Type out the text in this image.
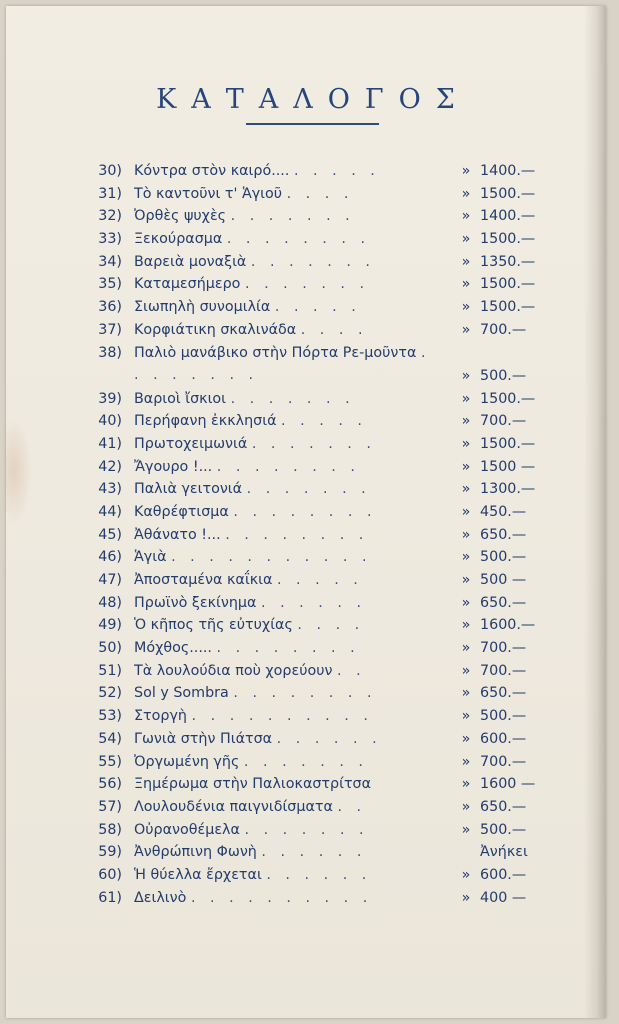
ΚΑΤΑΛΟΓΟΣ
30) Κόντρα στὸν καιρό.... . . . . .	» 1400.—
31) Τὸ καντοῦνι τ' Ἁγιοῦ . . . .	» 1500.—
32) Ὀρθὲς ψυχὲς . . . . . . .	» 1400.—
33) Ξεκούρασμα . . . . . . . .	» 1500.—
34) Βαρειὰ μοναξιὰ . . . . . . .	» 1350.—
35) Καταμεσήμερο . . . . . . .	» 1500.—
36) Σιωπηλὴ συνομιλία . . . . .	» 1500.—
37) Κορφιάτικη σκαλινάδα . . . .	» 700.—
38) Παλιὸ μανάβικο στὴν Πόρτα Ρε-μοῦντα . . . . . . . .	» 500.—
39) Βαριοὶ ἴσκιοι . . . . . . .	» 1500.—
40) Περήφανη ἐκκλησιά . . . . .	» 700.—
41) Πρωτοχειμωνιά . . . . . . .	» 1500.—
42) Ἄγουρο !... . . . . . . . .	» 1500 —
43) Παλιὰ γειτονιά . . . . . . .	» 1300.—
44) Καθρέφτισμα . . . . . . . .	» 450.—
45) Ἀθάνατο !... . . . . . . . .	» 650.—
46) Ἁγιὰ . . . . . . . . . . .	» 500.—
47) Ἀποσταμένα καΐκια . . . . .	» 500 —
48) Πρωϊνὸ ξεκίνημα . . . . . .	» 650.—
49) Ὁ κῆπος τῆς εὐτυχίας . . . .	» 1600.—
50) Μόχθος..... . . . . . . . .	» 700.—
51) Τὰ λουλούδια ποὺ χορεύουν . .	» 700.—
52) Sol y Sombra . . . . . . . .	» 650.—
53) Στοργὴ . . . . . . . . . .	» 500.—
54) Γωνιὰ στὴν Πιάτσα . . . . . .	» 600.—
55) Ὀργωμένη γῆς . . . . . . .	» 700.—
56) Ξημέρωμα στὴν Παλιοκαστρίτσα	» 1600 —
57) Λουλουδένια παιγνιδίσματα . .	» 650.—
58) Οὐρανοθέμελα . . . . . . .	» 500.—
59) Ἀνθρώπινη Φωνὴ . . . . . .	Ἀνήκει
60) Ἡ θύελλα ἔρχεται . . . . . .	» 600.—
61) Δειλινὸ . . . . . . . . . .	» 400 —
